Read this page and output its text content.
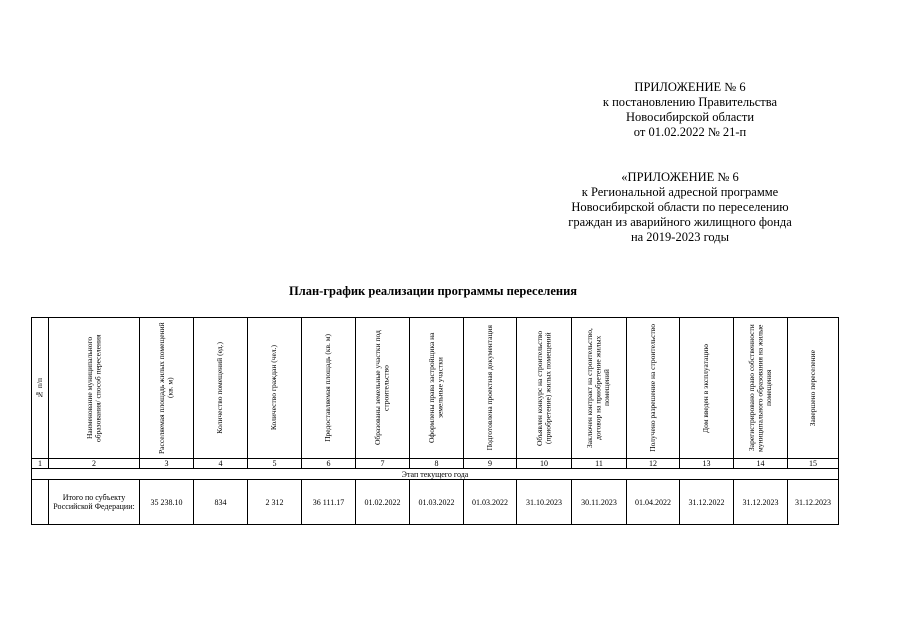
ПРИЛОЖЕНИЕ № 6
к постановлению Правительства
Новосибирской области
от 01.02.2022 № 21-п
«ПРИЛОЖЕНИЕ № 6
к Региональной адресной программе
Новосибирской области по переселению
граждан из аварийного жилищного фонда
на 2019-2023 годы
План-график реализации программы переселения
№ п/п	Наименование муниципального образования/ способ переселения	Расселяемая площадь жилых помещений (кв. м)	Количество помещений (ед.)	Количество граждан (чел.)	Предоставляемая площадь (кв. м)	Образованы земельные участки под строительство	Оформлены права застройщика на земельные участки	Подготовлена проектная документация	Объявлен конкурс на строительство (приобретение) жилых помещений	Заключен контракт на строительство, договор на приобретение жилых помещений	Получено разрешение на строительство	Дом введен в эксплуатацию	Зарегистрировано право собственности муниципального образования на жилые помещения	Завершено переселение

1	2	3	4	5	6	7	8	9	10	11	12	13	14	15
Этап текущего года														
	Итого по субъекту Российской Федерации:	35 238.10	834	2 312	36 111.17	01.02.2022	01.03.2022	01.03.2022	31.10.2023	30.11.2023	01.04.2022	31.12.2022	31.12.2023	31.12.2023
